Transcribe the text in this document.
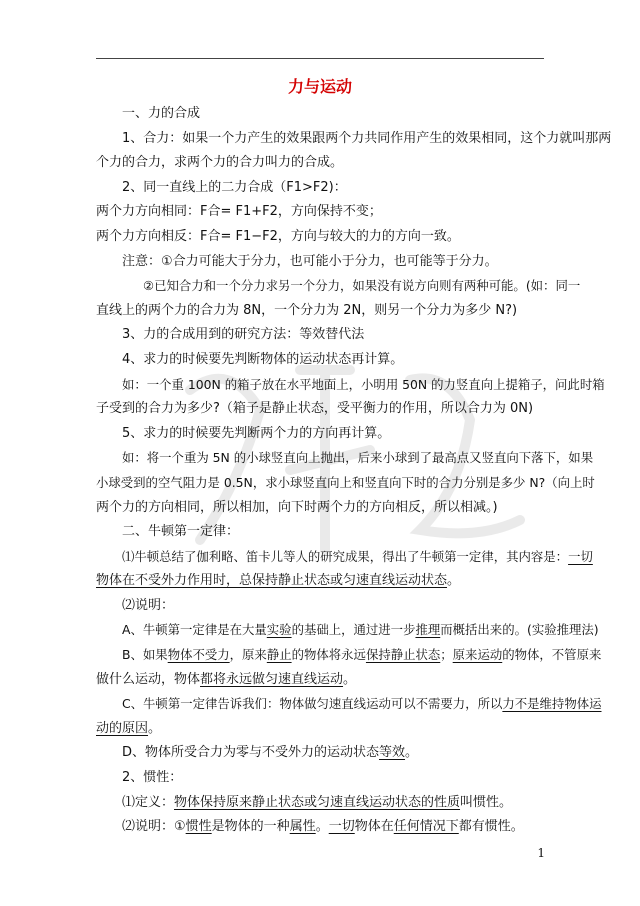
力与运动
一、力的合成
1、合力：如果一个力产生的效果跟两个力共同作用产生的效果相同，这个力就叫那两
个力的合力，求两个力的合力叫力的合成。
2、同一直线上的二力合成（F1>F2)：
两个力方向相同：F合= F1+F2，方向保持不变；
两个力方向相反：F合= F1−F2，方向与较大的力的方向一致。
注意：①合力可能大于分力，也可能小于分力，也可能等于分力。
②已知合力和一个分力求另一个分力，如果没有说方向则有两种可能。(如：同一
直线上的两个力的合力为 8N，一个分力为 2N，则另一个分力为多少 N?)
3、力的合成用到的研究方法：等效替代法
4、求力的时候要先判断物体的运动状态再计算。
如：一个重 100N 的箱子放在水平地面上，小明用 50N 的力竖直向上提箱子，问此时箱
子受到的合力为多少?（箱子是静止状态，受平衡力的作用，所以合力为 0N)
5、求力的时候要先判断两个力的方向再计算。
如：将一个重为 5N 的小球竖直向上抛出，后来小球到了最高点又竖直向下落下，如果
小球受到的空气阻力是 0.5N，求小球竖直向上和竖直向下时的合力分别是多少 N?（向上时
两个力的方向相同，所以相加，向下时两个力的方向相反，所以相减。)
二、牛顿第一定律：
⑴牛顿总结了伽利略、笛卡儿等人的研究成果，得出了牛顿第一定律，其内容是：一切
物体在不受外力作用时，总保持静止状态或匀速直线运动状态。
⑵说明：
A、牛顿第一定律是在大量实验的基础上，通过进一步推理而概括出来的。(实验推理法)
B、如果物体不受力，原来静止的物体将永远保持静止状态；原来运动的物体，不管原来
做什么运动，物体都将永远做匀速直线运动。
C、牛顿第一定律告诉我们：物体做匀速直线运动可以不需要力，所以力不是维持物体运
动的原因。
D、物体所受合力为零与不受外力的运动状态等效。
2、惯性：
⑴定义：物体保持原来静止状态或匀速直线运动状态的性质叫惯性。
⑵说明：①惯性是物体的一种属性。一切物体在任何情况下都有惯性。
1
